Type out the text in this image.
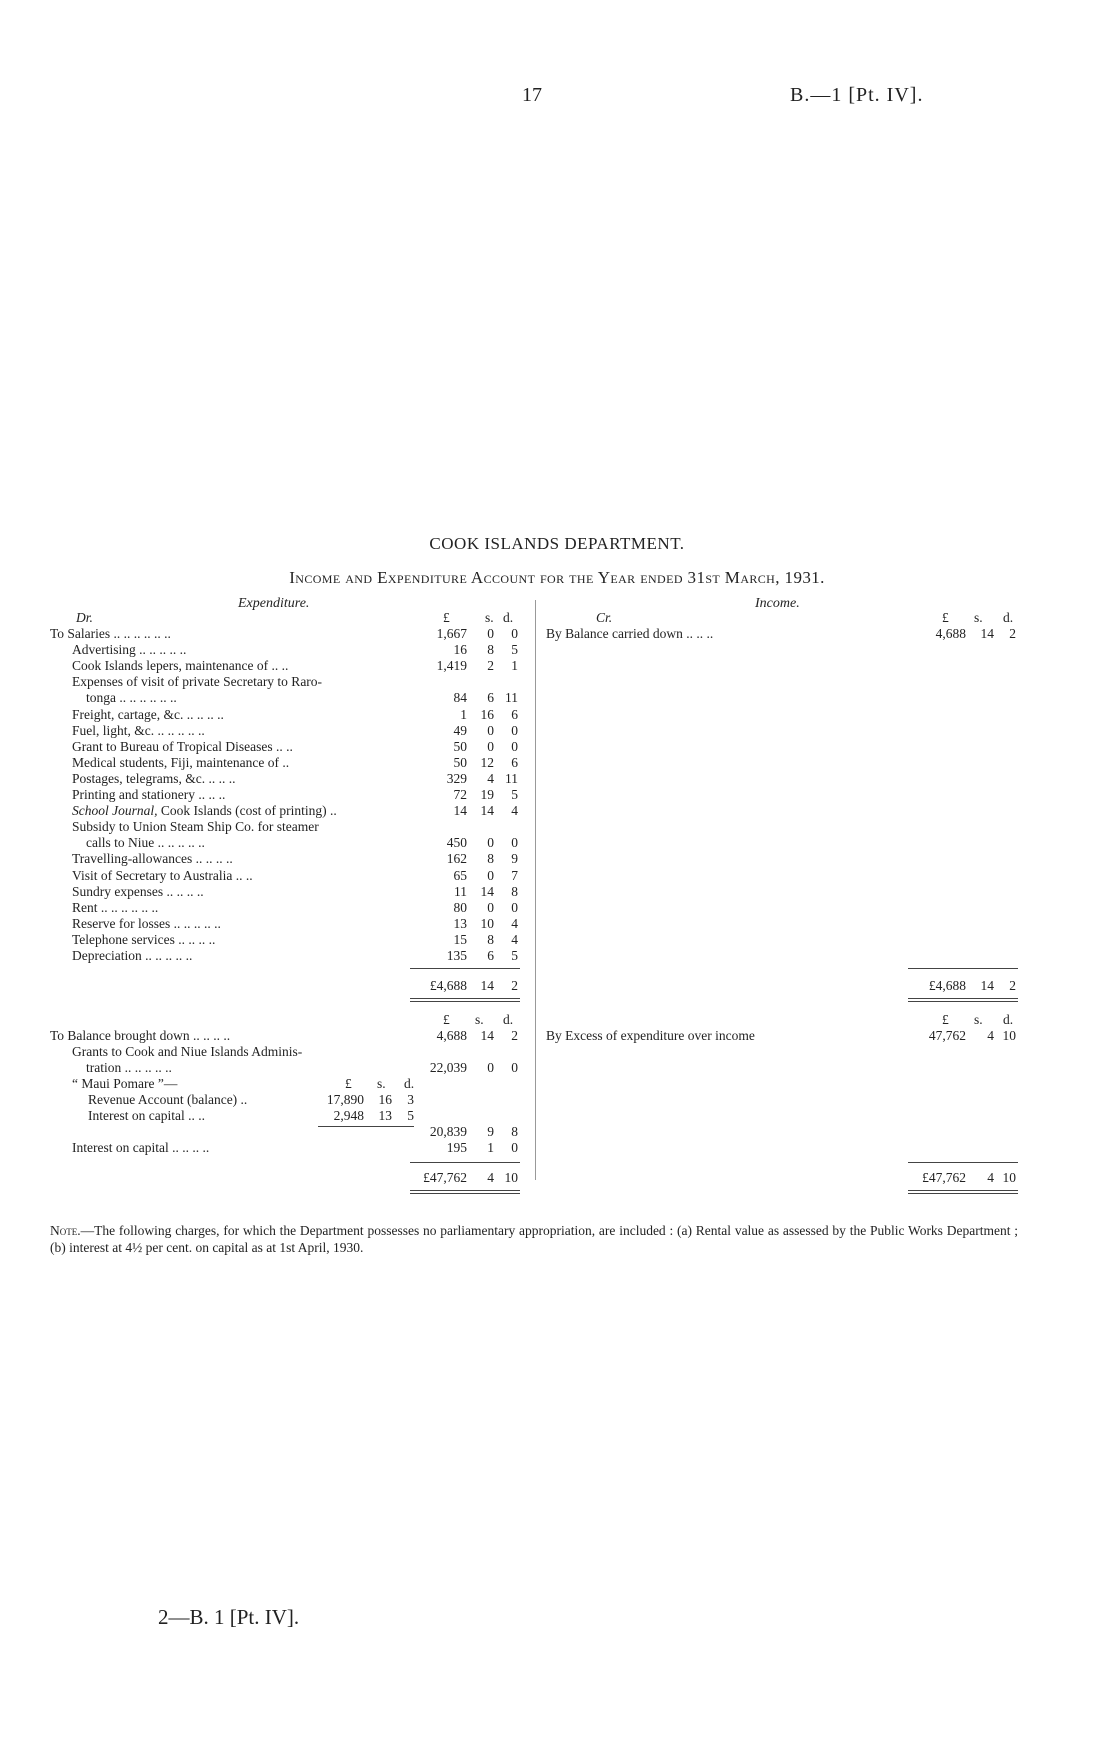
17	B.—1 [Pt. IV].
COOK ISLANDS DEPARTMENT.
Income and Expenditure Account for the Year ended 31st March, 1931.
Expenditure.
Dr.	£	s. d.
To Salaries .. .. .. .. .. ..	1,667	0	0
Advertising .. .. .. .. ..	16	8	5
Cook Islands lepers, maintenance of .. ..	1,419	2	1
Expenses of visit of private Secretary to Raro-
tonga .. .. .. .. .. ..	84	6 11
Freight, cartage, &c. .. .. .. ..	1	16	6
Fuel, light, &c. .. .. .. .. ..	49	0	0
Grant to Bureau of Tropical Diseases .. ..	50	0	0
Medical students, Fiji, maintenance of ..	50	12	6
Postages, telegrams, &c. .. .. ..	329	4 11
Printing and stationery .. .. ..	72	19	5
School Journal, Cook Islands (cost of printing) ..	14	14	4
Subsidy to Union Steam Ship Co. for steamer
calls to Niue .. .. .. .. ..	450	0	0
Travelling-allowances .. .. .. ..	162	8	9
Visit of Secretary to Australia .. ..	65	0	7
Sundry expenses .. .. .. ..	11	14	8
Rent .. .. .. .. .. ..	80	0	0
Reserve for losses .. .. .. .. ..	13	10	4
Telephone services .. .. .. ..	15	8	4
Depreciation .. .. .. .. ..	135	6	5
£4,688	14	2
£ s. d.
To Balance brought down .. .. .. ..	4,688	14	2
Grants to Cook and Niue Islands Adminis-
tration .. .. .. .. ..	22,039	0	0
“ Maui Pomare ”—	£ s. d.
Revenue Account (balance) ..	17,890	16	3
Interest on capital .. ..	2,948	13	5
20,839	9	8
Interest on capital .. .. .. ..	195	1	0
£47,762	4 10
Income.
Cr.	£ s. d.
By Balance carried down .. .. ..	4,688	14	2
£4,688	14	2
£ s. d.
By Excess of expenditure over income	47,762	4 10
£47,762	4 10
Note.—The following charges, for which the Department possesses no parliamentary appropriation, are included : (a) Rental value as assessed by the Public Works Department ; (b) interest at 4½ per cent. on capital as at 1st April, 1930.
2—B. 1 [Pt. IV].
